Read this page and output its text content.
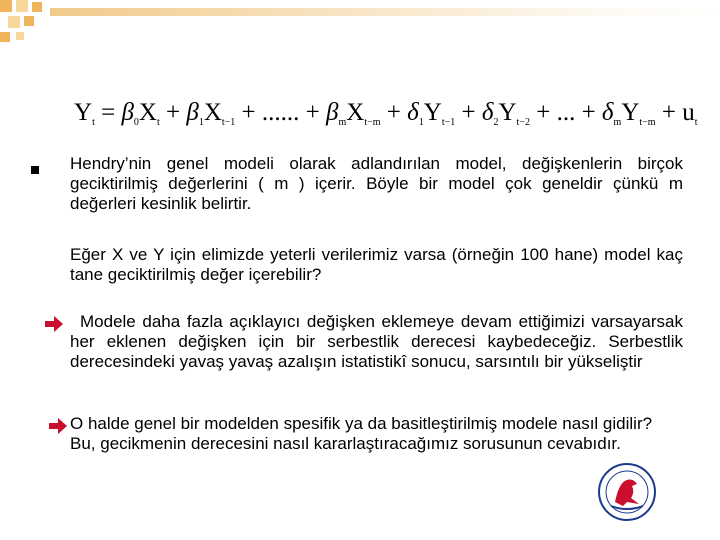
$Y_t = \beta_0X_t + \beta_1X_{t-1}$ + ...... + $\beta_mX_{t-m} + \delta_1Y_{t-1} + \delta_2Y_{t-2}$ + ... + $\delta_mY_{t-m} + u_t$
Hendry’nin genel modeli olarak adlandırılan model, değişkenlerin birçok geciktirilmiş değerlerini ( m ) içerir. Böyle bir model çok geneldir çünkü m değerleri kesinlik belirtir.
Eğer X ve Y için elimizde yeterli verilerimiz varsa (örneğin 100 hane) model kaç tane geciktirilmiş değer içerebilir?
Modele daha fazla açıklayıcı değişken eklemeye devam ettiğimizi varsayarsak her eklenen değişken için bir serbestlik derecesi kaybedeceğiz. Serbestlik derecesindeki yavaş yavaş azalışın istatistikî sonucu, sarsıntılı bir yükseliştir
O halde genel bir modelden spesifik ya da basitleştirilmiş modele nasıl gidilir? Bu, gecikmenin derecesini nasıl kararlaştıracağımız sorusunun cevabıdır.
